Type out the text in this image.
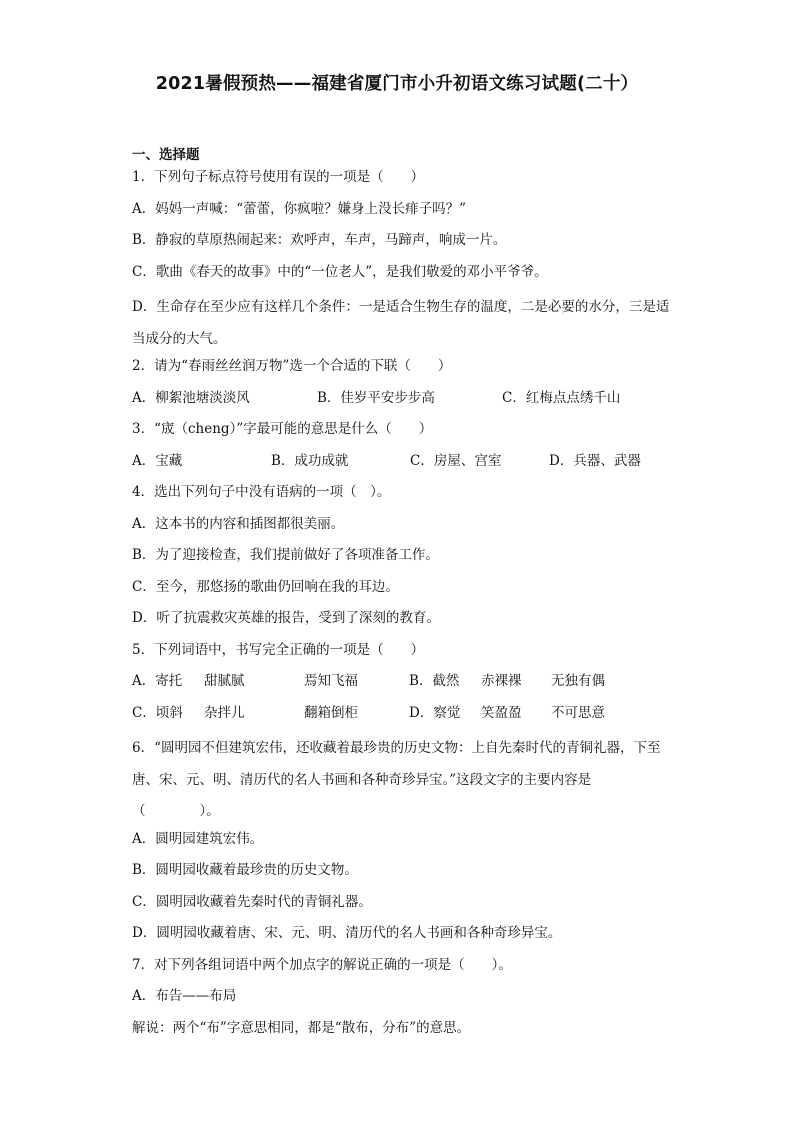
2021暑假预热——福建省厦门市小升初语文练习试题(二十）
一、选择题
1．下列句子标点符号使用有误的一项是（　　）
A．妈妈一声喊：“蕾蕾，你疯啦？嫌身上没长痱子吗？”
B．静寂的草原热闹起来：欢呼声，车声，马蹄声，响成一片。
C．歌曲《春天的故事》中的“一位老人”，是我们敬爱的邓小平爷爷。
D．生命存在至少应有这样几个条件：一是适合生物生存的温度，二是必要的水分，三是适当成分的大气。
2．请为“春雨丝丝润万物”选一个合适的下联（　　）
A．柳絮池塘淡淡风	B．佳岁平安步步高	C．红梅点点绣千山
3．“宬（cheng）”字最可能的意思是什么（　　）
A．宝藏	B．成功成就	C．房屋、宫室	D．兵器、武器
4．选出下列句子中没有语病的一项（　）。
A．这本书的内容和插图都很美丽。
B．为了迎接检查，我们提前做好了各项准备工作。
C．至今，那悠扬的歌曲仍回响在我的耳边。
D．听了抗震救灾英雄的报告，受到了深刻的教育。
5．下列词语中，书写完全正确的一项是（　　）
A．寄托	甜腻腻	焉知飞福	B．截然	赤裸裸	无独有偶
C．顷斜	杂拌儿	翻箱倒柜	D．察觉	笑盈盈	不可思意
6．“圆明园不但建筑宏伟，还收藏着最珍贵的历史文物：上自先秦时代的青铜礼器，下至唐、宋、元、明、清历代的名人书画和各种奇珍异宝。”这段文字的主要内容是（　　　　）。
A．圆明园建筑宏伟。
B．圆明园收藏着最珍贵的历史文物。
C．圆明园收藏着先秦时代的青铜礼器。
D．圆明园收藏着唐、宋、元、明、清历代的名人书画和各种奇珍异宝。
7．对下列各组词语中两个加点字的解说正确的一项是（　　）。
A．布告——布局
解说：两个“布”字意思相同，都是“散布，分布”的意思。
